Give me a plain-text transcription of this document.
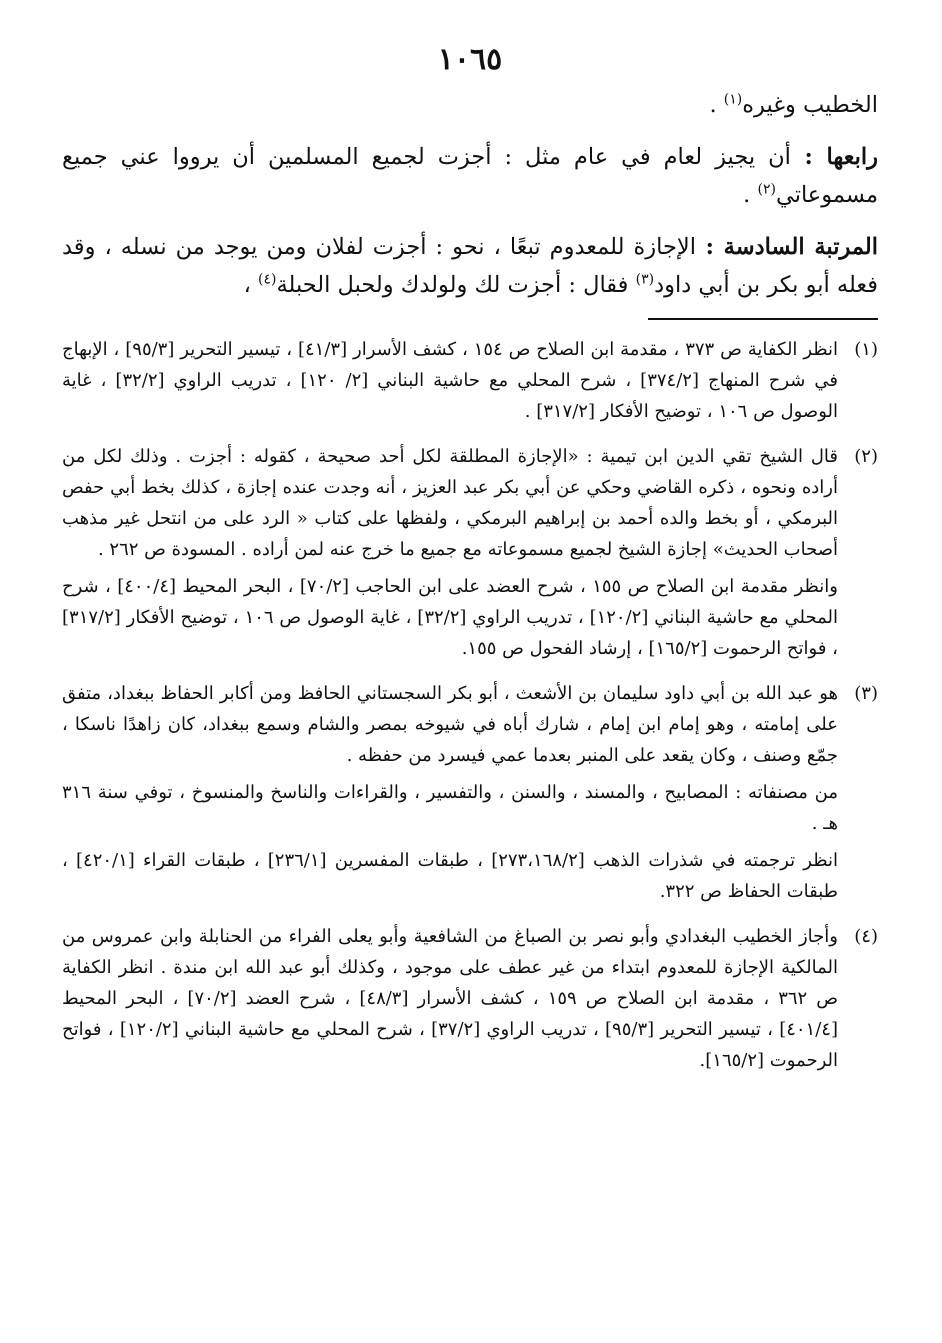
١٠٦٥

الخطيب وغيره$^{(١)}$ .

رابعها : أن يجيز لعام في عام مثل : أجزت لجميع المسلمين أن يرووا عني جميع مسموعاتي$^{(٢)}$ .

المرتبة السادسة : الإجازة للمعدوم تبعًا ، نحو : أجزت لفلان ومن يوجد من نسله ، وقد فعله أبو بكر بن أبي داود$^{(٣)}$ فقال : أجزت لك ولولدك ولحبل الحبلة$^{(٤)}$ ،

(١)

انظر الكفاية ص ٣٧٣ ، مقدمة ابن الصلاح ص ١٥٤ ، كشف الأسرار [٤١/٣] ، تيسير التحرير [٩٥/٣] ، الإبهاج في شرح المنهاج [٣٧٤/٢] ، شرح المحلي مع حاشية البناني [٢/ ١٢٠] ، تدريب الراوي [٣٢/٢] ، غاية الوصول ص ١٠٦ ، توضيح الأفكار [٣١٧/٢] .

(٢)

قال الشيخ تقي الدين ابن تيمية : «الإجازة المطلقة لكل أحد صحيحة ، كقوله : أجزت . وذلك لكل من أراده ونحوه ، ذكره القاضي وحكي عن أبي بكر عبد العزيز ، أنه وجدت عنده إجازة ، كذلك بخط أبي حفص البرمكي ، أو بخط والده أحمد بن إبراهيم البرمكي ، ولفظها على كتاب « الرد على من انتحل غير مذهب أصحاب الحديث» إجازة الشيخ لجميع مسموعاته مع جميع ما خرج عنه لمن أراده . المسودة ص ٢٦٢ .

وانظر مقدمة ابن الصلاح ص ١٥٥ ، شرح العضد على ابن الحاجب [٧٠/٢] ، البحر المحيط [٤٠٠/٤] ، شرح المحلي مع حاشية البناني [١٢٠/٢] ، تدريب الراوي [٣٢/٢] ، غاية الوصول ص ١٠٦ ، توضيح الأفكار [٣١٧/٢] ، فواتح الرحموت [١٦٥/٢] ، إرشاد الفحول ص ١٥٥.

(٣)

هو عبد الله بن أبي داود سليمان بن الأشعث ، أبو بكر السجستاني الحافظ ومن أكابر الحفاظ ببغداد، متفق على إمامته ، وهو إمام ابن إمام ، شارك أباه في شيوخه بمصر والشام وسمع ببغداد، كان زاهدًا ناسكا ، جمّع وصنف ، وكان يقعد على المنبر بعدما عمي فيسرد من حفظه .

من مصنفاته : المصابيح ، والمسند ، والسنن ، والتفسير ، والقراءات والناسخ والمنسوخ ، توفي سنة ٣١٦ هـ .

انظر ترجمته في شذرات الذهب [٢٧٣،١٦٨/٢] ، طبقات المفسرين [٢٣٦/١] ، طبقات القراء [٤٢٠/١] ، طبقات الحفاظ ص ٣٢٢.

(٤)

وأجاز الخطيب البغدادي وأبو نصر بن الصباغ من الشافعية وأبو يعلى الفراء من الحنابلة وابن عمروس من المالكية الإجازة للمعدوم ابتداء من غير عطف على موجود ، وكذلك أبو عبد الله ابن مندة . انظر الكفاية ص ٣٦٢ ، مقدمة ابن الصلاح ص ١٥٩ ، كشف الأسرار [٤٨/٣] ، شرح العضد [٧٠/٢] ، البحر المحيط [٤٠١/٤] ، تيسير التحرير [٩٥/٣] ، تدريب الراوي [٣٧/٢] ، شرح المحلي مع حاشية البناني [١٢٠/٢] ، فواتح الرحموت [١٦٥/٢].
